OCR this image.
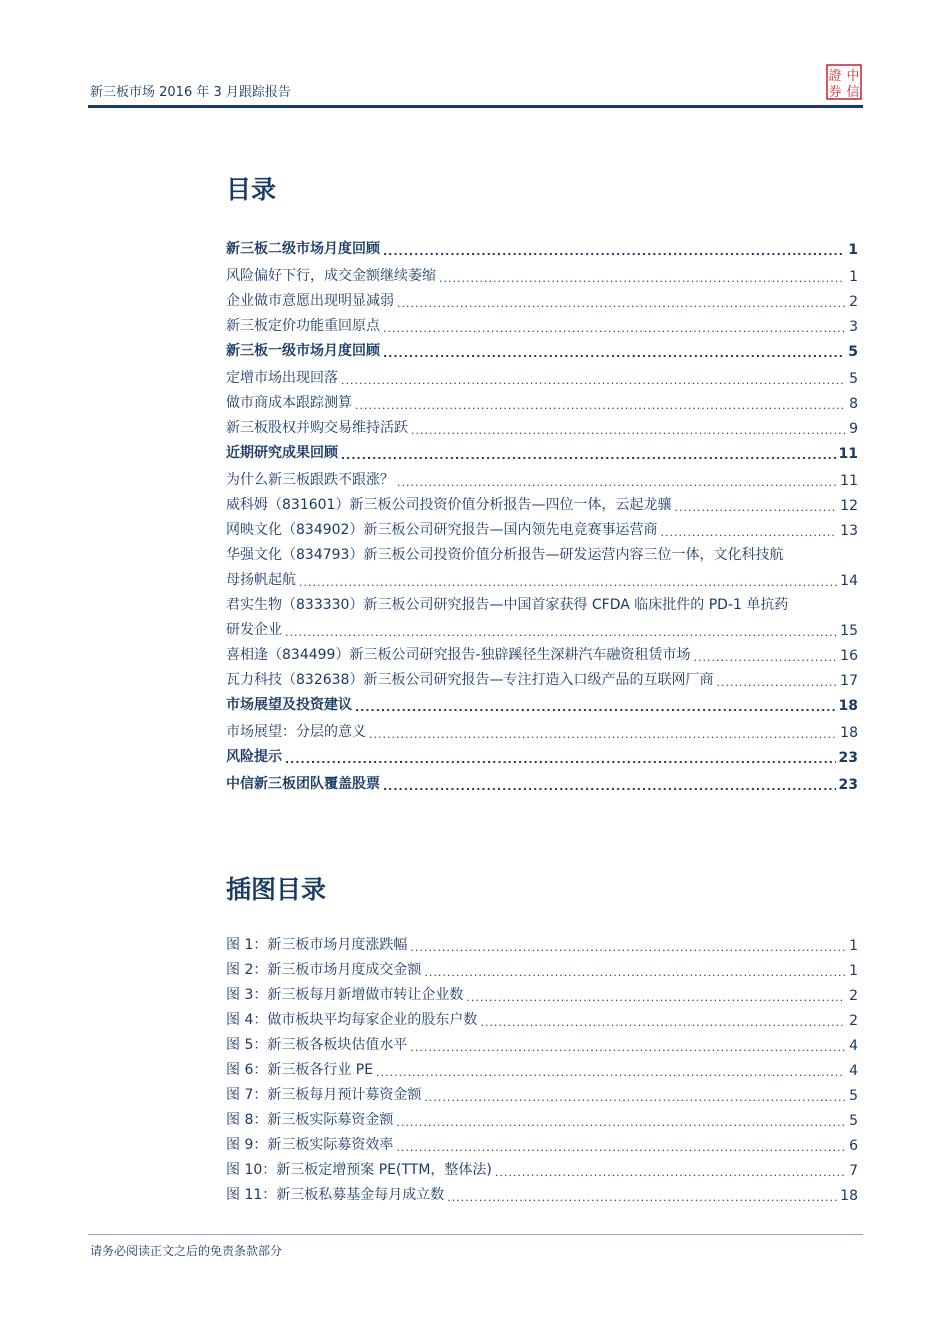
新三板市场 2016 年 3 月跟踪报告
證 中
券 信
目录
新三板二级市场月度回顾 .....	1
风险偏好下行，成交金额继续萎缩 .....	1
企业做市意愿出现明显减弱 .....	2
新三板定价功能重回原点 .....	3
新三板一级市场月度回顾 .....	5
定增市场出现回落 .....	5
做市商成本跟踪测算 .....	8
新三板股权并购交易维持活跃 .....	9
近期研究成果回顾 .....	11
为什么新三板跟跌不跟涨？ .....	11
威科姆（831601）新三板公司投资价值分析报告—四位一体，云起龙骧 .....	12
网映文化（834902）新三板公司研究报告—国内领先电竞赛事运营商 .....	13
华强文化（834793）新三板公司投资价值分析报告—研发运营内容三位一体，文化科技航
母扬帆起航 .....	14
君实生物（833330）新三板公司研究报告—中国首家获得 CFDA 临床批件的 PD-1 单抗药
研发企业 .....	15
喜相逢（834499）新三板公司研究报告-独辟蹊径生深耕汽车融资租赁市场 .....	16
瓦力科技（832638）新三板公司研究报告—专注打造入口级产品的互联网厂商 .....	17
市场展望及投资建议 .....	18
市场展望：分层的意义 .....	18
风险提示 .....	23
中信新三板团队覆盖股票 .....	23
插图目录
图 1：新三板市场月度涨跌幅 .....	1
图 2：新三板市场月度成交金额 .....	1
图 3：新三板每月新增做市转让企业数 .....	2
图 4：做市板块平均每家企业的股东户数 .....	2
图 5：新三板各板块估值水平 .....	4
图 6：新三板各行业 PE .....	4
图 7：新三板每月预计募资金额 .....	5
图 8：新三板实际募资金额 .....	5
图 9：新三板实际募资效率 .....	6
图 10：新三板定增预案 PE(TTM，整体法) .....	7
图 11：新三板私募基金每月成立数 .....	18
请务必阅读正文之后的免责条款部分
